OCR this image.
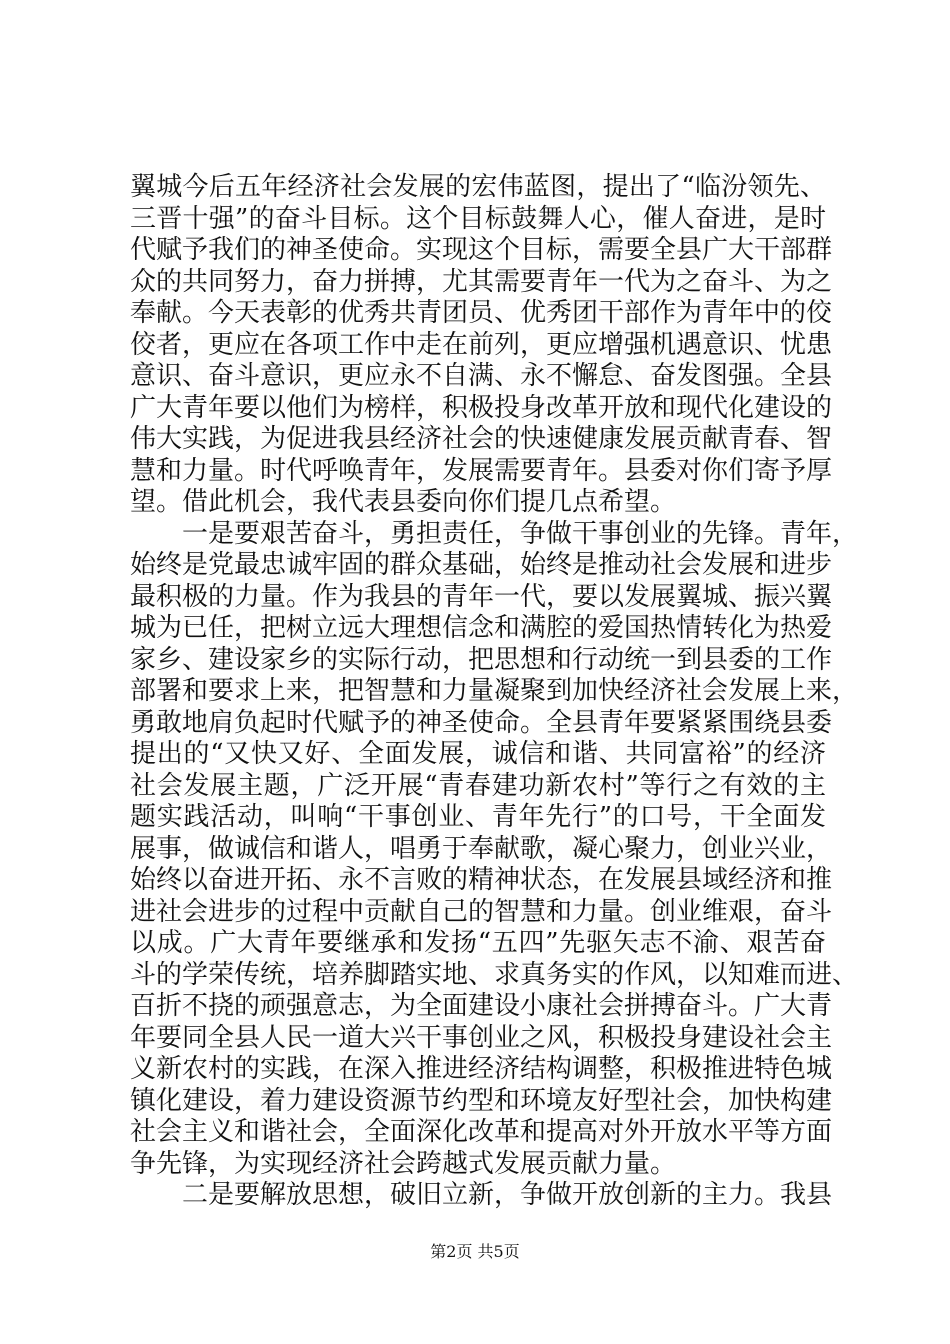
翼城今后五年经济社会发展的宏伟蓝图，提出了“临汾领先、
三晋十强”的奋斗目标。这个目标鼓舞人心，催人奋进，是时
代赋予我们的神圣使命。实现这个目标，需要全县广大干部群
众的共同努力，奋力拼搏，尤其需要青年一代为之奋斗、为之
奉献。今天表彰的优秀共青团员、优秀团干部作为青年中的佼
佼者，更应在各项工作中走在前列，更应增强机遇意识、忧患
意识、奋斗意识，更应永不自满、永不懈怠、奋发图强。全县
广大青年要以他们为榜样，积极投身改革开放和现代化建设的
伟大实践，为促进我县经济社会的快速健康发展贡献青春、智
慧和力量。时代呼唤青年，发展需要青年。县委对你们寄予厚
望。借此机会，我代表县委向你们提几点希望。
一是要艰苦奋斗，勇担责任，争做干事创业的先锋。青年，
始终是党最忠诚牢固的群众基础，始终是推动社会发展和进步
最积极的力量。作为我县的青年一代，要以发展翼城、振兴翼
城为已任，把树立远大理想信念和满腔的爱国热情转化为热爱
家乡、建设家乡的实际行动，把思想和行动统一到县委的工作
部署和要求上来，把智慧和力量凝聚到加快经济社会发展上来，
勇敢地肩负起时代赋予的神圣使命。全县青年要紧紧围绕县委
提出的“又快又好、全面发展，诚信和谐、共同富裕”的经济
社会发展主题，广泛开展“青春建功新农村”等行之有效的主
题实践活动，叫响“干事创业、青年先行”的口号，干全面发
展事，做诚信和谐人，唱勇于奉献歌，凝心聚力，创业兴业，
始终以奋进开拓、永不言败的精神状态，在发展县域经济和推
进社会进步的过程中贡献自己的智慧和力量。创业维艰，奋斗
以成。广大青年要继承和发扬“五四”先驱矢志不渝、艰苦奋
斗的学荣传统，培养脚踏实地、求真务实的作风，以知难而进、
百折不挠的顽强意志，为全面建设小康社会拼搏奋斗。广大青
年要同全县人民一道大兴干事创业之风，积极投身建设社会主
义新农村的实践，在深入推进经济结构调整，积极推进特色城
镇化建设，着力建设资源节约型和环境友好型社会，加快构建
社会主义和谐社会，全面深化改革和提高对外开放水平等方面
争先锋，为实现经济社会跨越式发展贡献力量。
二是要解放思想，破旧立新，争做开放创新的主力。我县
第2页 共5页
